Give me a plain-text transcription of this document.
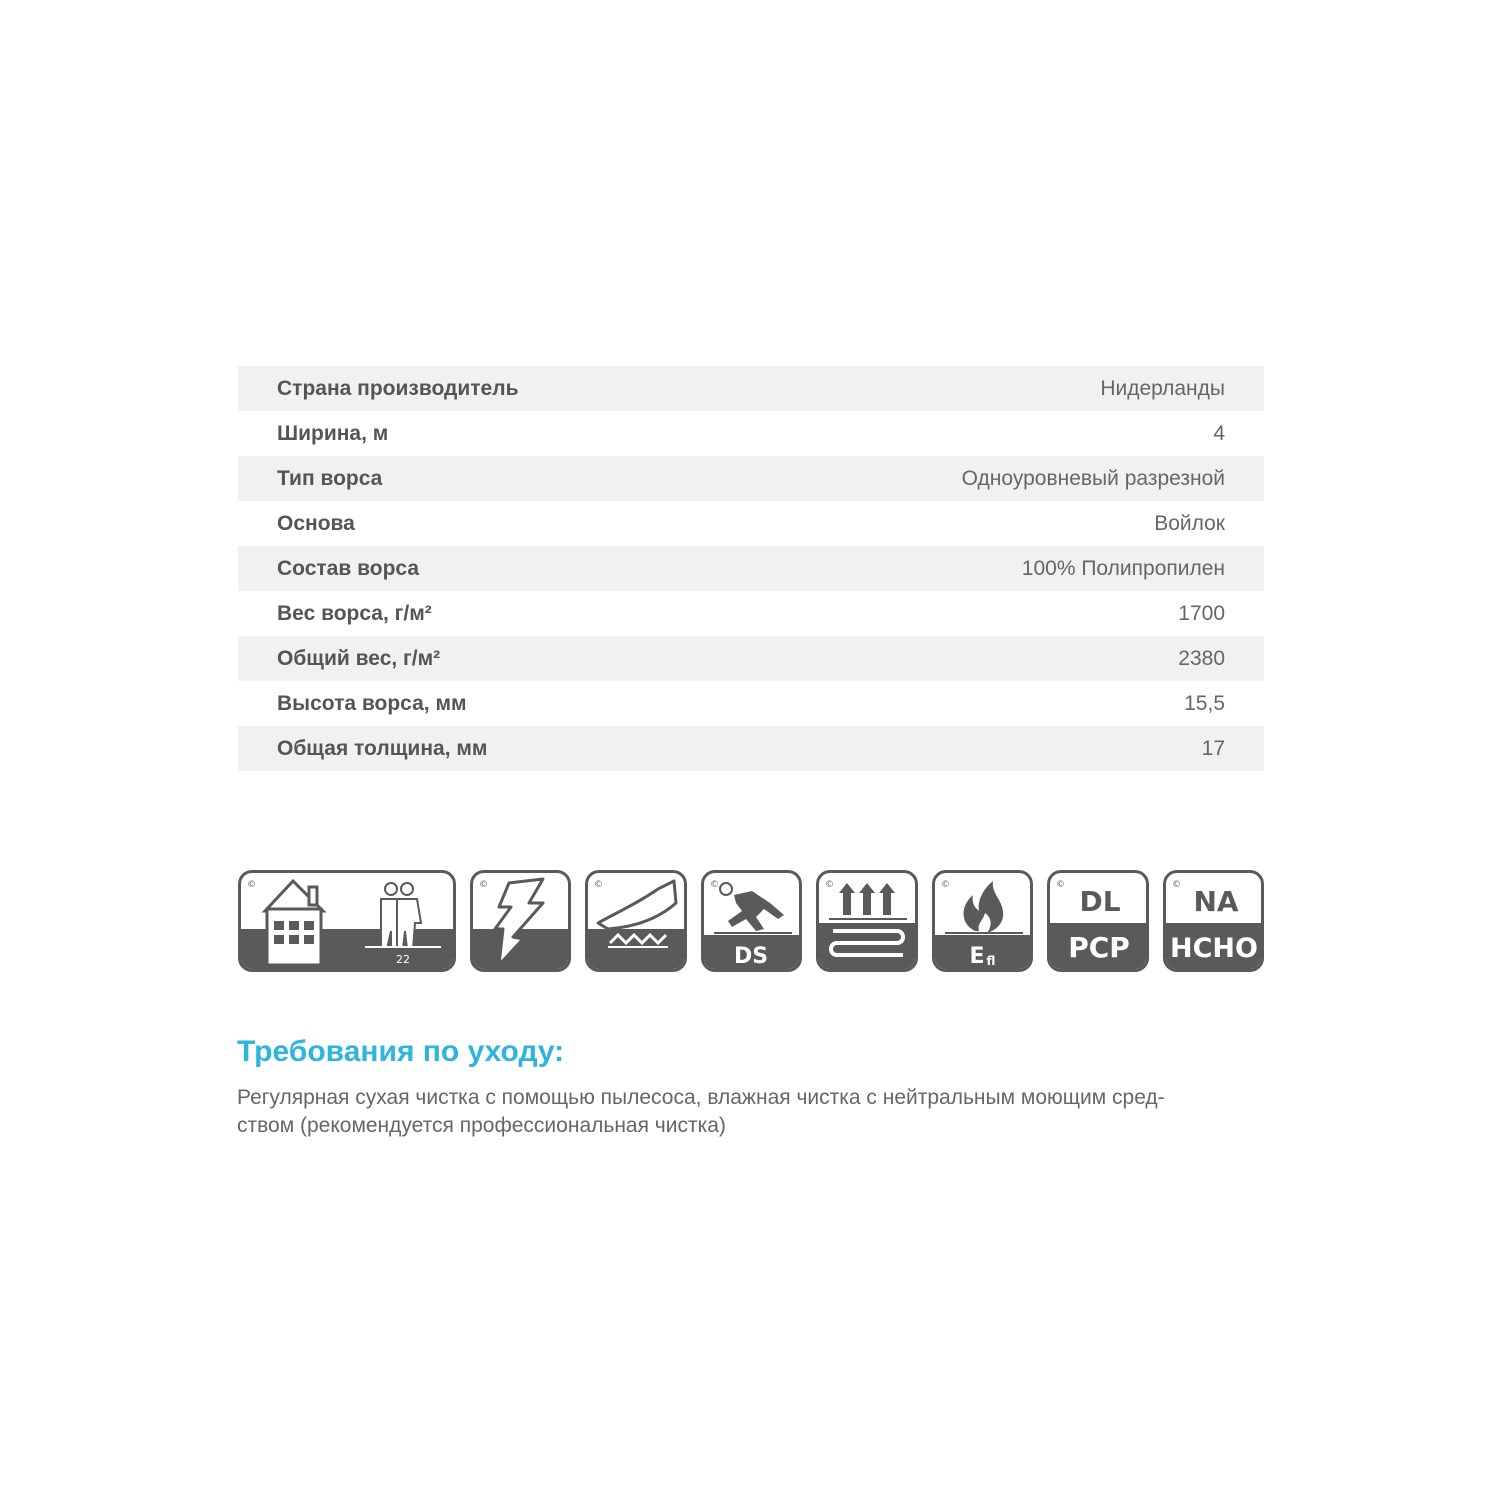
Страна производитель	Нидерланды
Ширина, м	4
Тип ворса	Одноуровневый разрезной
Основа	Войлок
Состав ворса	100% Полипропилен
Вес ворса, г/м²	1700
Общий вес, г/м²	2380
Высота ворса, мм	15,5
Общая толщина, мм	17
©
22
©	©	©
DS
©	©
E fl
© DL
PCP
© NA
HCHO
Требования по уходу:

Регулярная сухая чистка с помощью пылесоса, влажная чистка с нейтральным моющим сред-
ством (рекомендуется профессиональная чистка)
